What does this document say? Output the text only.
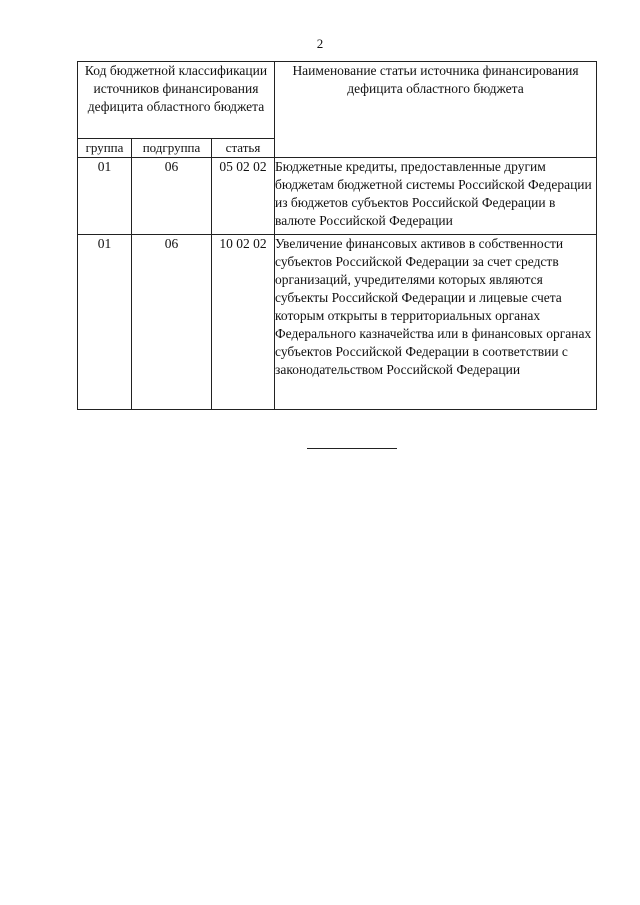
2
Код бюджетной классификации источников финансирования дефицита областного бюджета			Наименование статьи источника финансирования дефицита областного бюджета
группа	подгруппа	статья	
01	06	05 02 02	Бюджетные кредиты, предоставленные другим бюджетам бюджетной системы Российской Федерации из бюджетов субъектов Российской Федерации в валюте Российской Федерации
01	06	10 02 02	Увеличение финансовых активов в собственности субъектов Российской Федерации за счет средств организаций, учредителями которых являются субъекты Российской Федерации и лицевые счета которым открыты в территориальных органах Федерального казначейства или в финансовых органах субъектов Российской Федерации в соответствии с законодательством Российской Федерации
